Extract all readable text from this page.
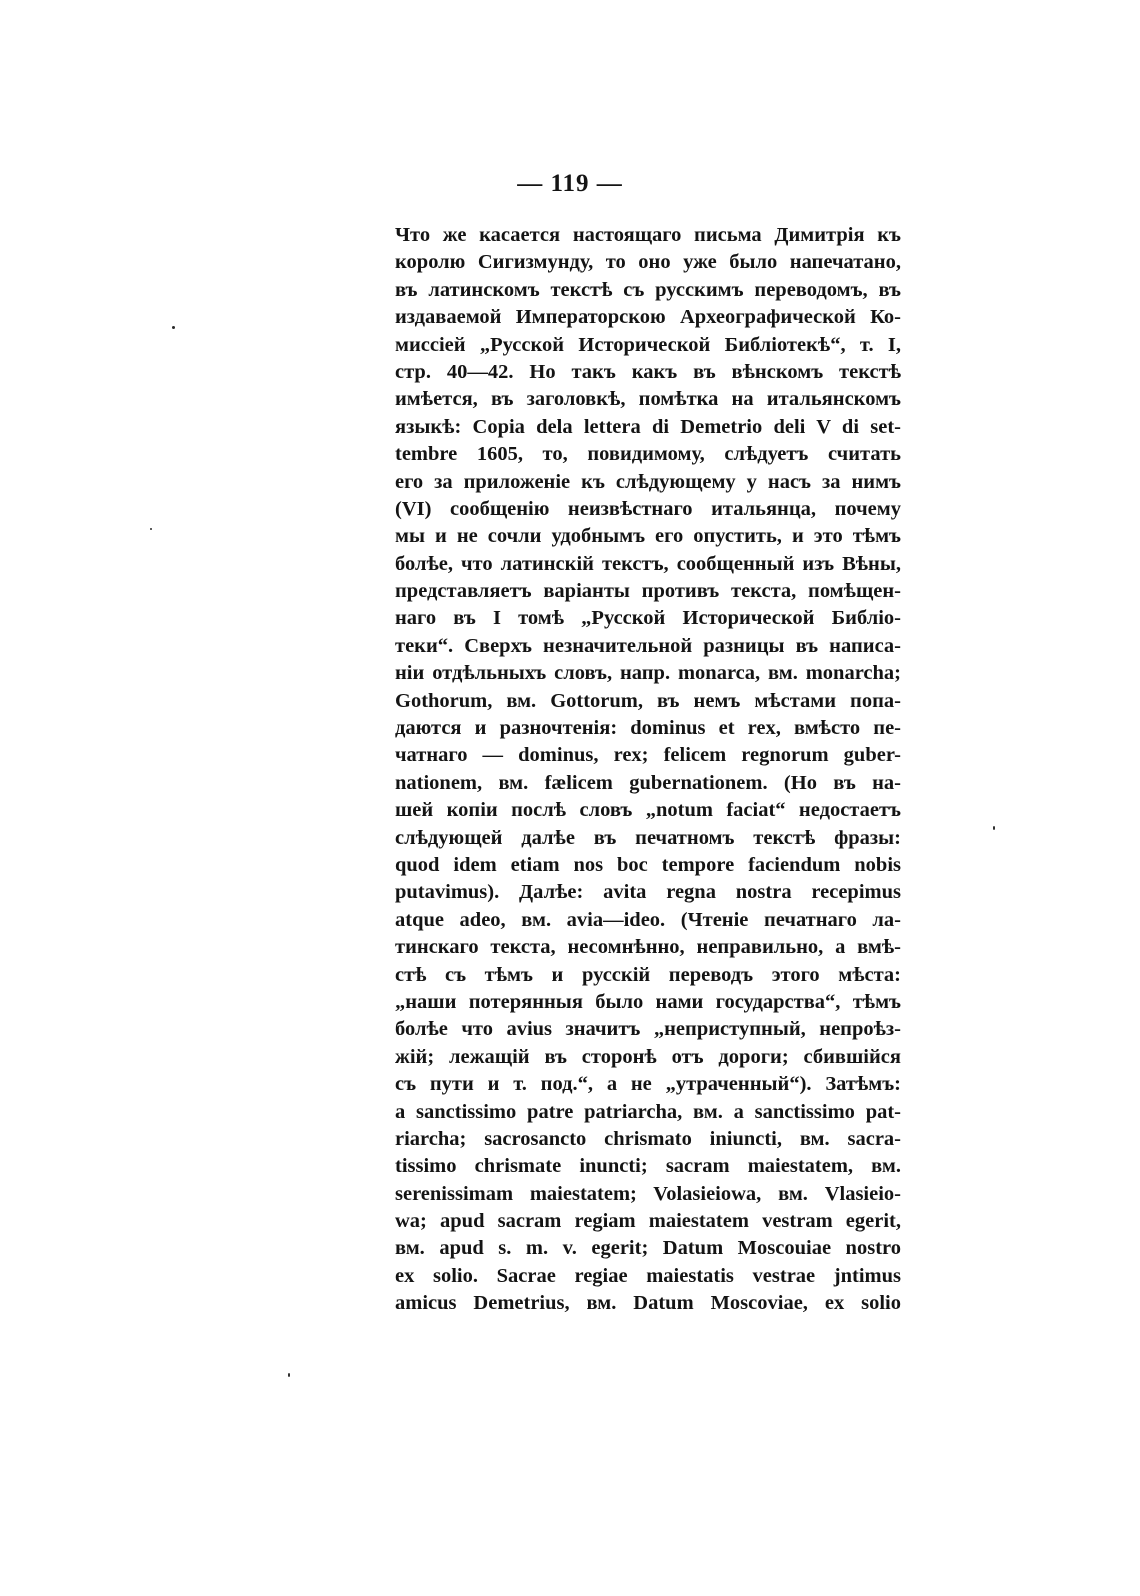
— 119 —
Что же касается настоящаго письма Димитрія къ
королю Сигизмунду, то оно уже было напечатано,
въ латинскомъ текстѣ съ русскимъ переводомъ, въ
издаваемой Императорскою Археографической Ко-
миссіей „Русской Исторической Библіотекѣ“, т. I,
стр. 40—42. Но такъ какъ въ вѣнскомъ текстѣ
имѣется, въ заголовкѣ, помѣтка на итальянскомъ
языкѣ: Copia dela lettera di Demetrio deli V di set-
tembre 1605, то, повидимому, слѣдуетъ считать
его за приложеніе къ слѣдующему у насъ за нимъ
(VI) сообщенію неизвѣстнаго итальянца, почему
мы и не сочли удобнымъ его опустить, и это тѣмъ
болѣе, что латинскій текстъ, сообщенный изъ Вѣны,
представляетъ варіанты противъ текста, помѣщен-
наго въ I томѣ „Русской Исторической Библіо-
теки“. Сверхъ незначительной разницы въ написа-
ніи отдѣльныхъ словъ, напр. monarca, вм. monarcha;
Gothorum, вм. Gottorum, въ немъ мѣстами попа-
даются и разночтенія: dominus et rex, вмѣсто пе-
чатнаго — dominus, rex; felicem regnorum guber-
nationem, вм. fælicem gubernationem. (Но въ на-
шей копіи послѣ словъ „notum faciat“ недостаетъ
слѣдующей далѣе въ печатномъ текстѣ фразы:
quod idem etiam nos boc tempore faciendum nobis
putavimus). Далѣе: avita regna nostra recepimus
atque adeo, вм. avia—ideo. (Чтеніе печатнаго ла-
тинскаго текста, несомнѣнно, неправильно, а вмѣ-
стѣ съ тѣмъ и русскій переводъ этого мѣста:
„наши потерянныя было нами государства“, тѣмъ
болѣе что avius значитъ „неприступный, непроѣз-
жій; лежащій въ сторонѣ отъ дороги; сбившійся
съ пути и т. под.“, а не „утраченный“). Затѣмъ:
a sanctissimo patre patriarcha, вм. a sanctissimo pat-
riarcha; sacrosancto chrismato iniuncti, вм. sacra-
tissimo chrismate inuncti; sacram maiestatem, вм.
serenissimam maiestatem; Volasieiowa, вм. Vlasieio-
wa; apud sacram regiam maiestatem vestram egerit,
вм. apud s. m. v. egerit; Datum Moscouiae nostro
ex solio. Sacrae regiae maiestatis vestrae jntimus
amicus Demetrius, вм. Datum Moscoviae, ex solio
